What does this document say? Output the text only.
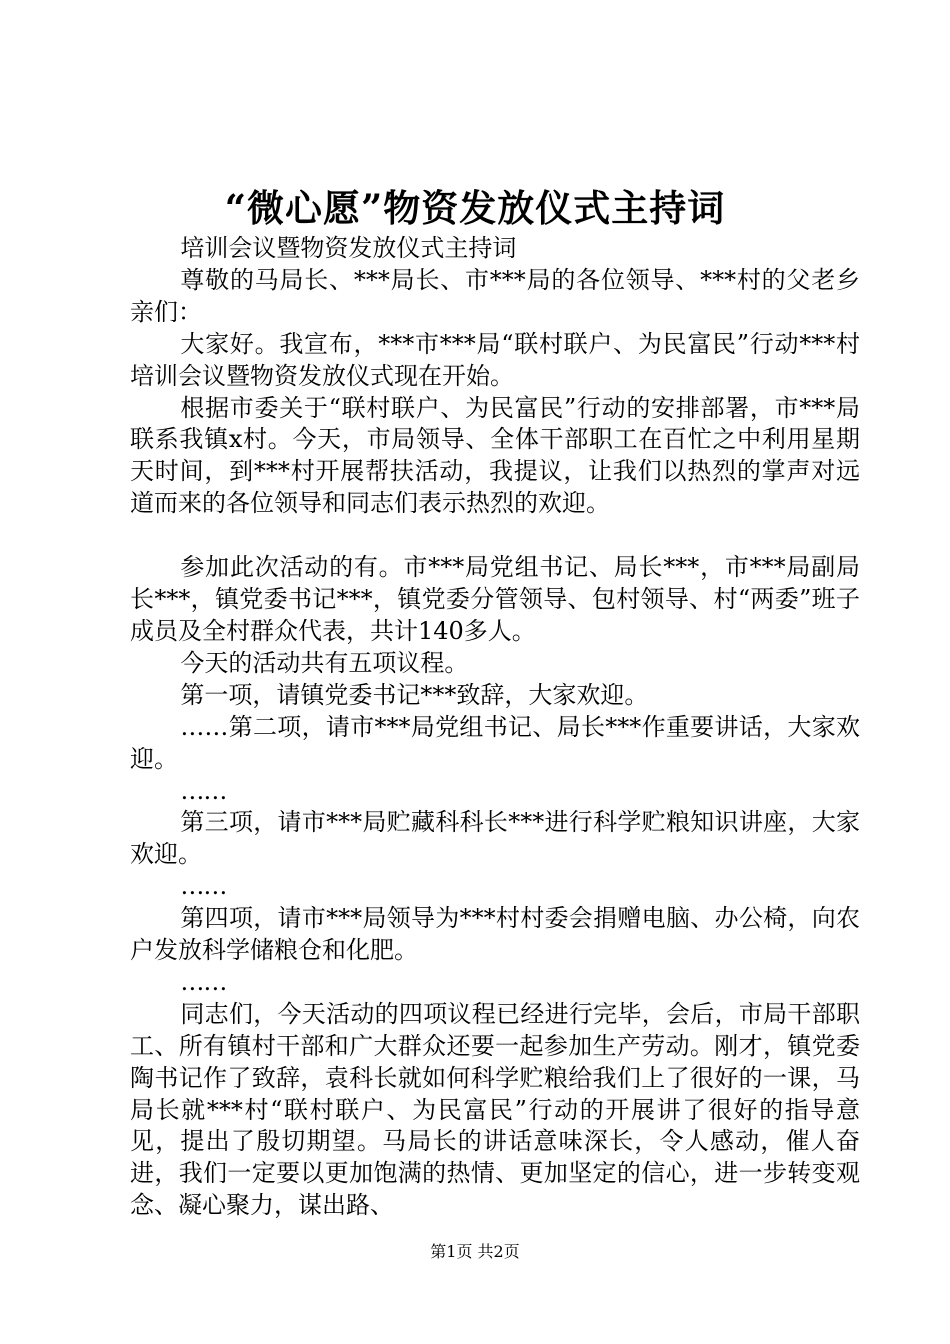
“微心愿”物资发放仪式主持词

培训会议暨物资发放仪式主持词

尊敬的马局长、***局长、市***局的各位领导、***村的父老乡亲们：

大家好。我宣布，***市***局“联村联户、为民富民”行动***村培训会议暨物资发放仪式现在开始。

根据市委关于“联村联户、为民富民”行动的安排部署，市***局联系我镇x村。今天，市局领导、全体干部职工在百忙之中利用星期天时间，到***村开展帮扶活动，我提议，让我们以热烈的掌声对远道而来的各位领导和同志们表示热烈的欢迎。

参加此次活动的有。市***局党组书记、局长***，市***局副局长***，镇党委书记***，镇党委分管领导、包村领导、村“两委”班子成员及全村群众代表，共计140多人。

今天的活动共有五项议程。

第一项，请镇党委书记***致辞，大家欢迎。

……第二项，请市***局党组书记、局长***作重要讲话，大家欢迎。

……

第三项，请市***局贮藏科科长***进行科学贮粮知识讲座，大家欢迎。

……

第四项，请市***局领导为***村村委会捐赠电脑、办公椅，向农户发放科学储粮仓和化肥。

……

同志们，今天活动的四项议程已经进行完毕，会后，市局干部职工、所有镇村干部和广大群众还要一起参加生产劳动。刚才，镇党委陶书记作了致辞，袁科长就如何科学贮粮给我们上了很好的一课，马局长就***村“联村联户、为民富民”行动的开展讲了很好的指导意见，提出了殷切期望。马局长的讲话意味深长，令人感动，催人奋进，我们一定要以更加饱满的热情、更加坚定的信心，进一步转变观念、凝心聚力，谋出路、

第1页 共2页
